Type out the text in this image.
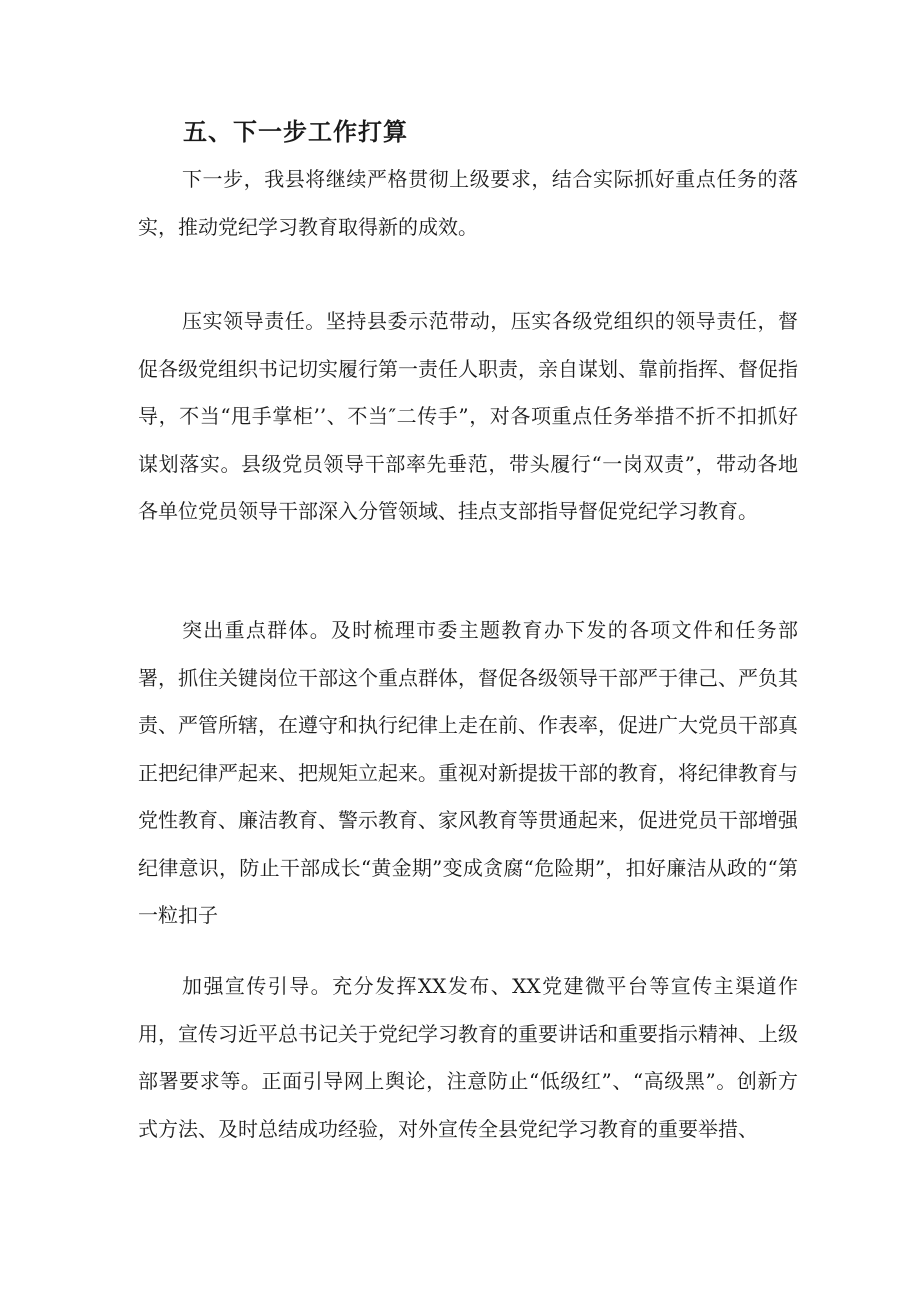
五、下一步工作打算

下一步，我县将继续严格贯彻上级要求，结合实际抓好重点任务的落实，推动党纪学习教育取得新的成效。

压实领导责任。坚持县委示范带动，压实各级党组织的领导责任，督促各级党组织书记切实履行第一责任人职责，亲自谋划、靠前指挥、督促指导，不当“甩手掌柜’’、不当″二传手”，对各项重点任务举措不折不扣抓好谋划落实。县级党员领导干部率先垂范，带头履行“一岗双责”，带动各地各单位党员领导干部深入分管领域、挂点支部指导督促党纪学习教育。

突出重点群体。及时梳理市委主题教育办下发的各项文件和任务部署，抓住关键岗位干部这个重点群体，督促各级领导干部严于律己、严负其责、严管所辖，在遵守和执行纪律上走在前、作表率，促进广大党员干部真正把纪律严起来、把规矩立起来。重视对新提拔干部的教育，将纪律教育与党性教育、廉洁教育、警示教育、家风教育等贯通起来，促进党员干部增强纪律意识，防止干部成长“黄金期”变成贪腐“危险期”，扣好廉洁从政的“第一粒扣子

加强宣传引导。充分发挥XX发布、XX党建微平台等宣传主渠道作用，宣传习近平总书记关于党纪学习教育的重要讲话和重要指示精神、上级部署要求等。正面引导网上舆论，注意防止“低级红”、“高级黑”。创新方式方法、及时总结成功经验，对外宣传全县党纪学习教育的重要举措、
